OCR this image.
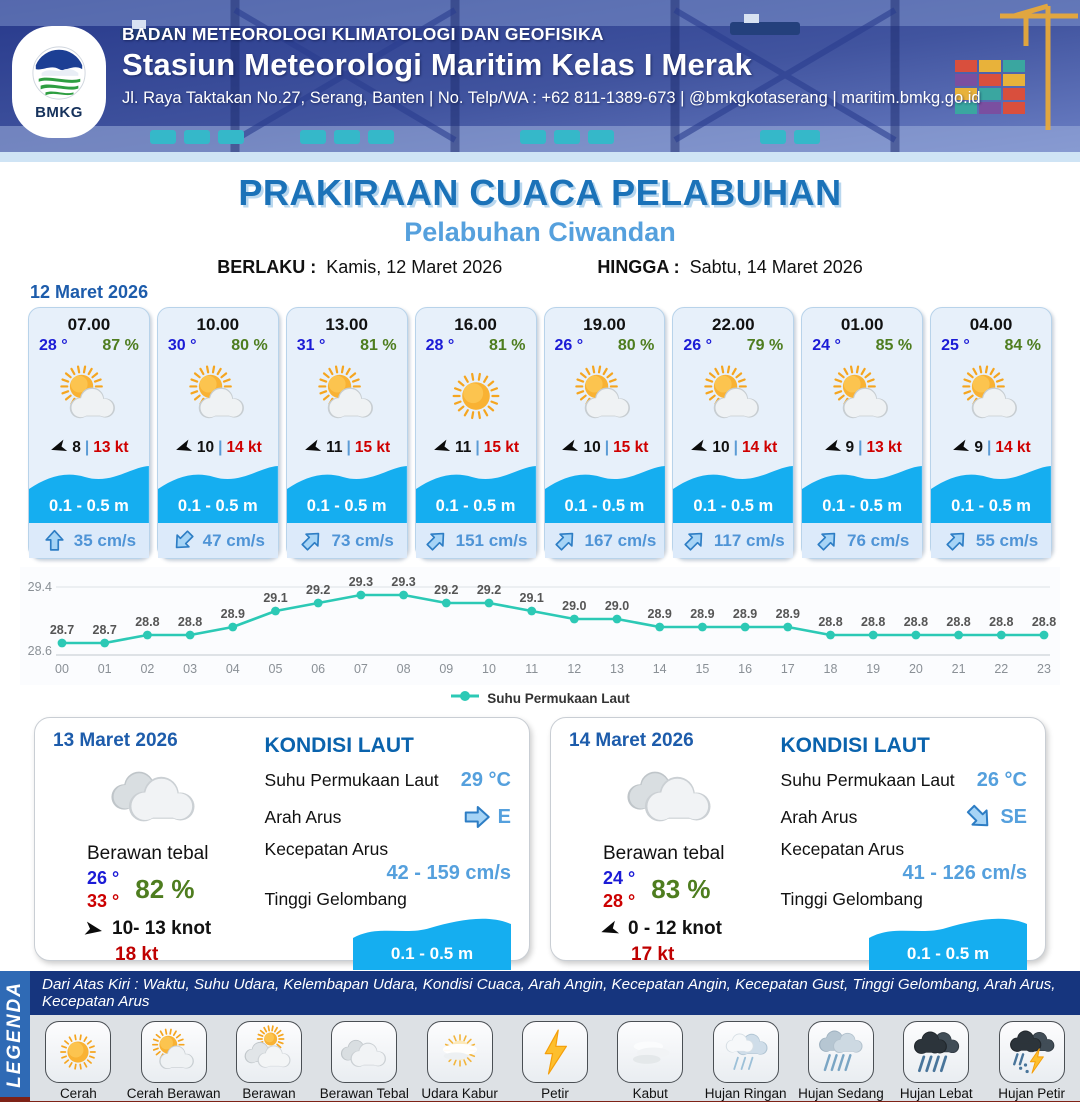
BMKG
BADAN METEOROLOGI KLIMATOLOGI DAN GEOFISIKA
Stasiun Meteorologi Maritim Kelas I Merak
Jl. Raya Taktakan No.27, Serang, Banten | No. Telp/WA : +62 811-1389-673 | @bmkgkotaserang | maritim.bmkg.go.id
PRAKIRAAN CUACA PELABUHAN
Pelabuhan Ciwandan
BERLAKU : Kamis, 12 Maret 2026	HINGGA : Sabtu, 14 Maret 2026
12 Maret 2026
07.00
28 ° 87 %
8 | 13 kt
0.1 - 0.5 m
35 cm/s
10.00
30 ° 80 %
10 | 14 kt
0.1 - 0.5 m
47 cm/s
13.00
31 ° 81 %
11 | 15 kt
0.1 - 0.5 m
73 cm/s
16.00
28 ° 81 %
11 | 15 kt
0.1 - 0.5 m
151 cm/s
19.00
26 ° 80 %
10 | 15 kt
0.1 - 0.5 m
167 cm/s
22.00
26 ° 79 %
10 | 14 kt
0.1 - 0.5 m
117 cm/s
01.00
24 ° 85 %
9 | 13 kt
0.1 - 0.5 m
76 cm/s
04.00
25 ° 84 %
9 | 14 kt
0.1 - 0.5 m
55 cm/s
29.4
28.6
28.7
00
28.7
01
28.8
02
28.8
03
28.9
04
29.1
05
29.2
06
29.3
07
29.3
08
29.2
09
29.2
10
29.1
11
29.0
12
29.0
13
28.9
14
28.9
15
28.9
16
28.9
17
28.8
18
28.8
19
28.8
20
28.8
21
28.8
22
28.8
23
Suhu Permukaan Laut
13 Maret 2026
Berawan tebal
26 °
33 ° 82 %
10- 13 knot
18 kt
KONDISI LAUT
Suhu Permukaan Laut 29 °C
Arah Arus	E
Kecepatan Arus
42 - 159 cm/s
Tinggi Gelombang
0.1 - 0.5 m
14 Maret 2026
Berawan tebal
24 °
28 ° 83 %
0 - 12 knot
17 kt
KONDISI LAUT
Suhu Permukaan Laut 26 °C
Arah Arus	SE
Kecepatan Arus
41 - 126 cm/s
Tinggi Gelombang
0.1 - 0.5 m
LEGENDA	Dari Atas Kiri : Waktu, Suhu Udara, Kelembapan Udara, Kondisi Cuaca, Arah Angin, Kecepatan Angin, Kecepatan Gust, Tinggi Gelombang, Arah Arus, Kecepatan Arus
Cerah	Cerah Berawan	Berawan	Berawan Tebal Udara Kabur	Petir	Kabut	Hujan Ringan Hujan Sedang	Hujan Lebat	Hujan Petir
